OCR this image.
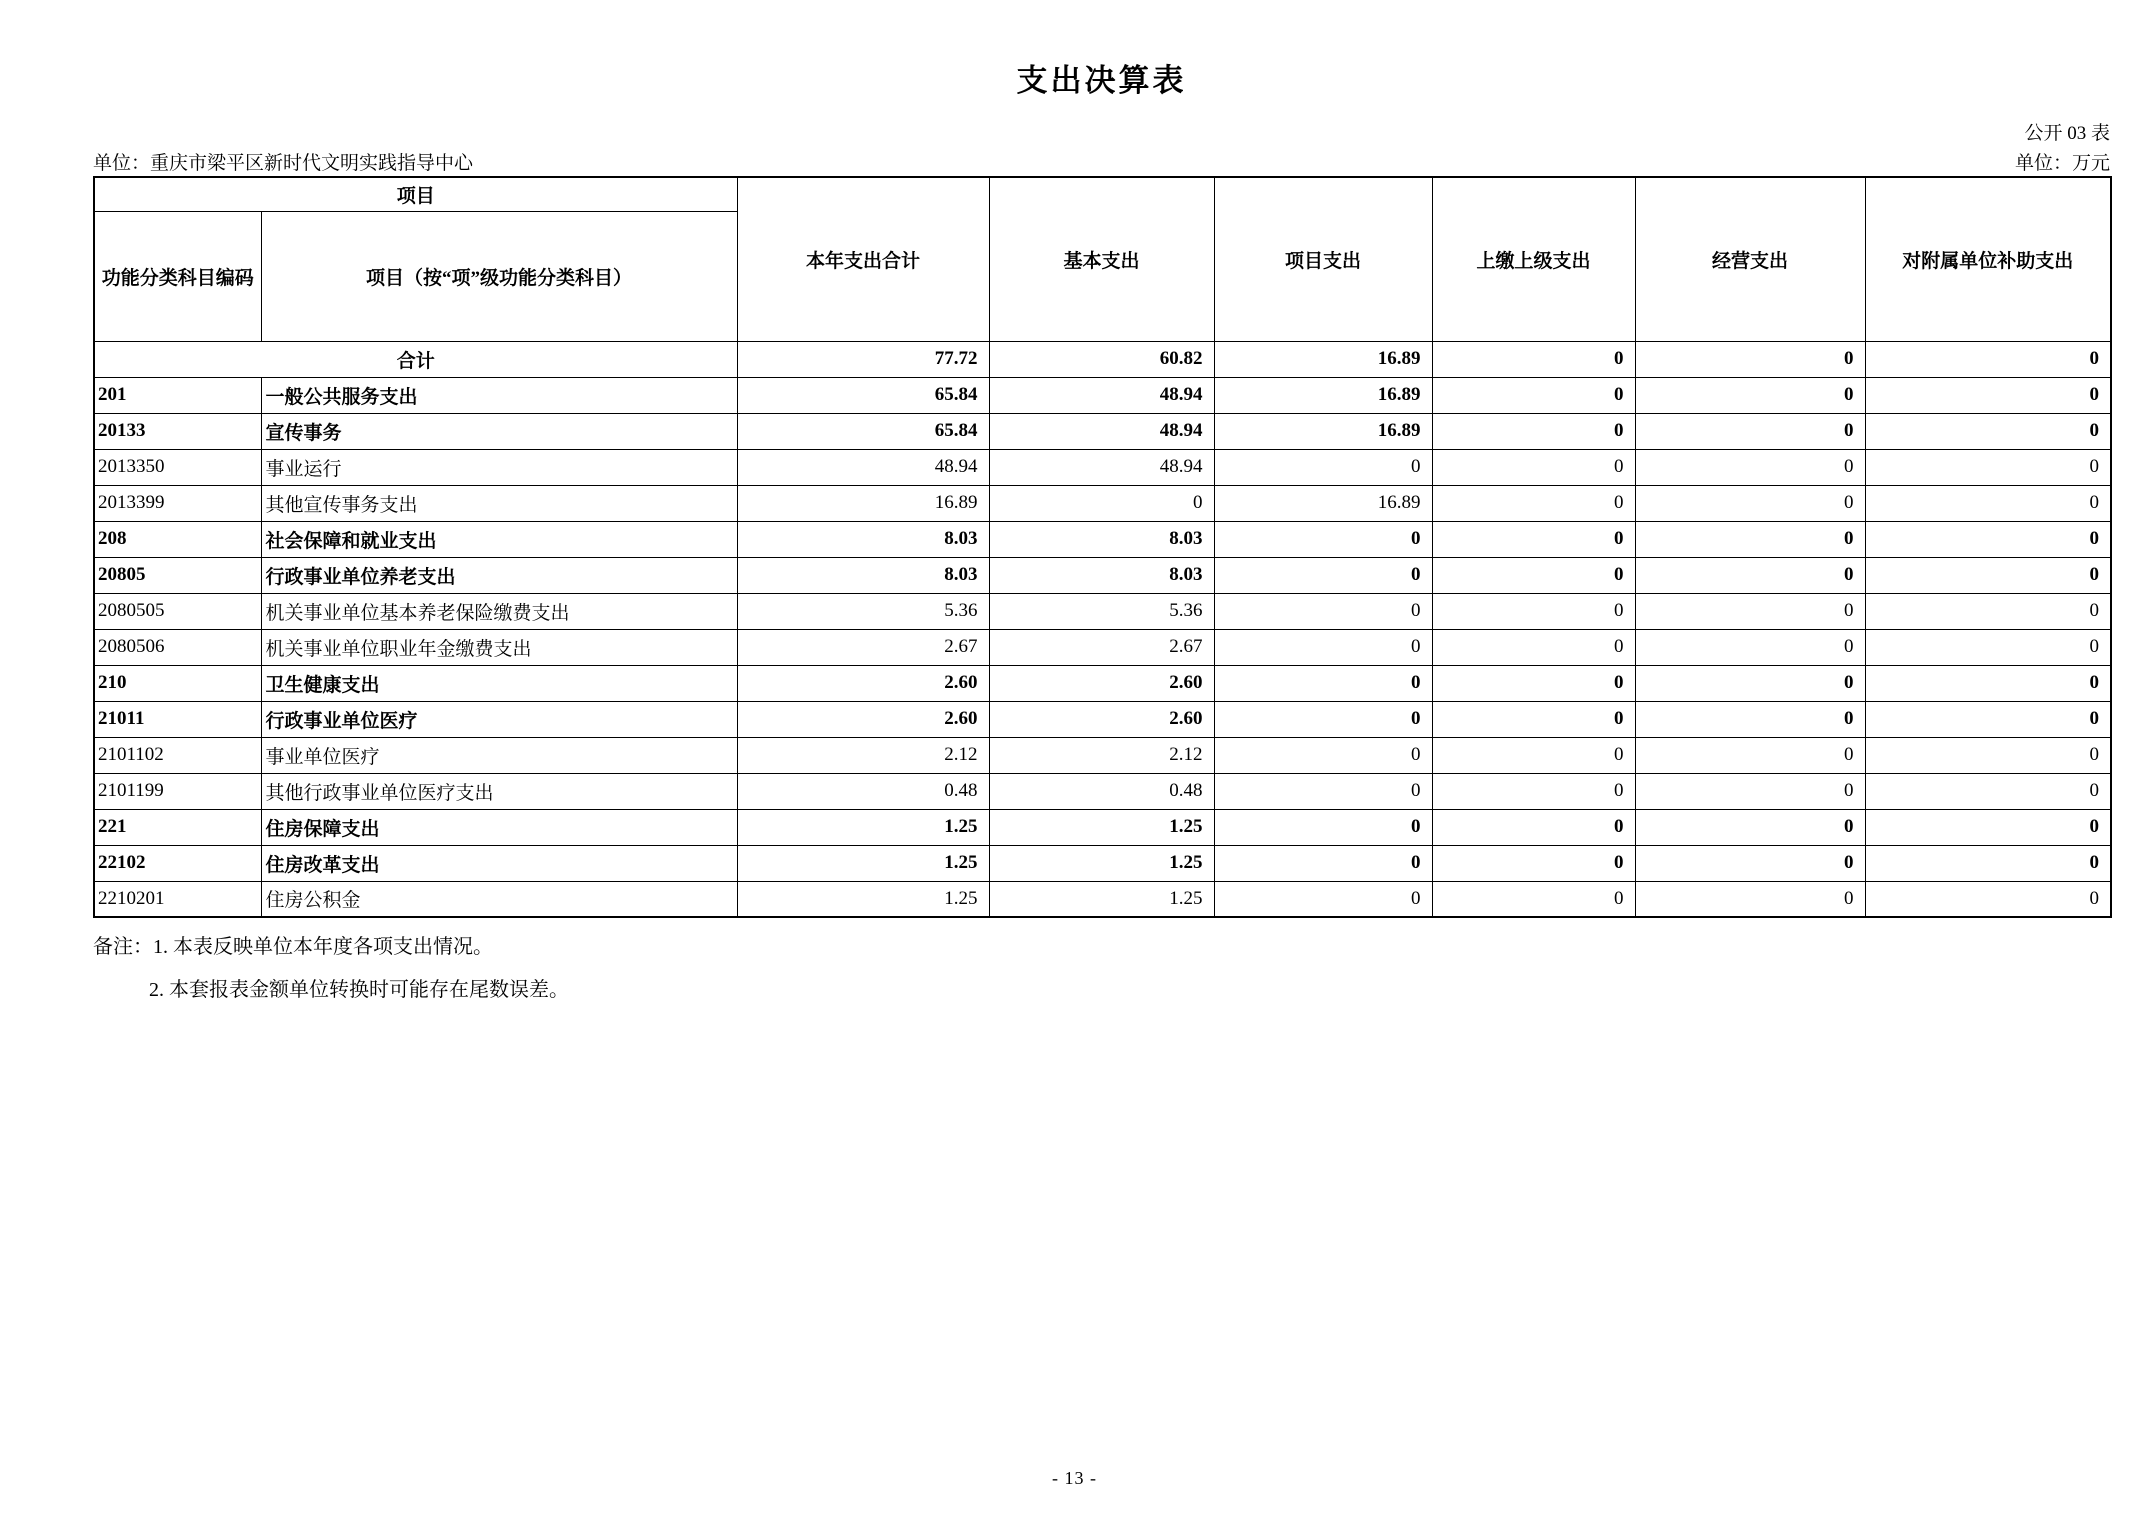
支出决算表
公开 03 表
单位：重庆市梁平区新时代文明实践指导中心	单位：万元
项目		本年支出合计	基本支出	项目支出	上缴上级支出	经营支出	对附属单位补助支出
功能分类科目编码	项目（按“项”级功能分类科目）						
合计		77.72	60.82	16.89	0	0	0
201	一般公共服务支出	65.84	48.94	16.89	0	0	0
20133	宣传事务	65.84	48.94	16.89	0	0	0
2013350	事业运行	48.94	48.94	0	0	0	0
2013399	其他宣传事务支出	16.89	0	16.89	0	0	0
208	社会保障和就业支出	8.03	8.03	0	0	0	0
20805	行政事业单位养老支出	8.03	8.03	0	0	0	0
2080505	机关事业单位基本养老保险缴费支出	5.36	5.36	0	0	0	0
2080506	机关事业单位职业年金缴费支出	2.67	2.67	0	0	0	0
210	卫生健康支出	2.60	2.60	0	0	0	0
21011	行政事业单位医疗	2.60	2.60	0	0	0	0
2101102	事业单位医疗	2.12	2.12	0	0	0	0
2101199	其他行政事业单位医疗支出	0.48	0.48	0	0	0	0
221	住房保障支出	1.25	1.25	0	0	0	0
22102	住房改革支出	1.25	1.25	0	0	0	0
2210201	住房公积金	1.25	1.25	0	0	0	0
备注：1. 本表反映单位本年度各项支出情况。
2. 本套报表金额单位转换时可能存在尾数误差。
- 13 -
